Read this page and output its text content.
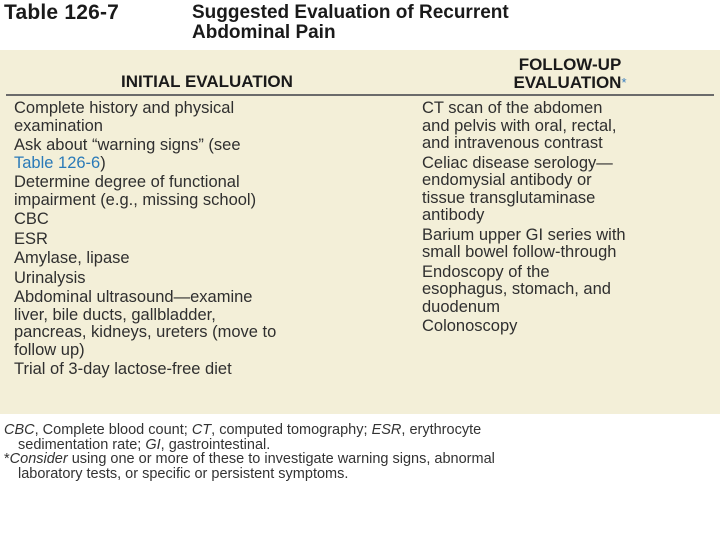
Table 126-7	Suggested Evaluation of Recurrent
Abdominal Pain
INITIAL EVALUATION
FOLLOW-UP
EVALUATION*
Complete history and physical
examination
Ask about “warning signs” (see
Table 126-6)
Determine degree of functional
impairment (e.g., missing school)
CBC
ESR
Amylase, lipase
Urinalysis
Abdominal ultrasound—examine
liver, bile ducts, gallbladder,
pancreas, kidneys, ureters (move to
follow up)
Trial of 3-day lactose-free diet
CT scan of the abdomen
and pelvis with oral, rectal,
and intravenous contrast
Celiac disease serology—
endomysial antibody or
tissue transglutaminase
antibody
Barium upper GI series with
small bowel follow-through
Endoscopy of the
esophagus, stomach, and
duodenum
Colonoscopy
CBC, Complete blood count; CT, computed tomography; ESR, erythrocyte
sedimentation rate; GI, gastrointestinal.
*Consider using one or more of these to investigate warning signs, abnormal
laboratory tests, or specific or persistent symptoms.
